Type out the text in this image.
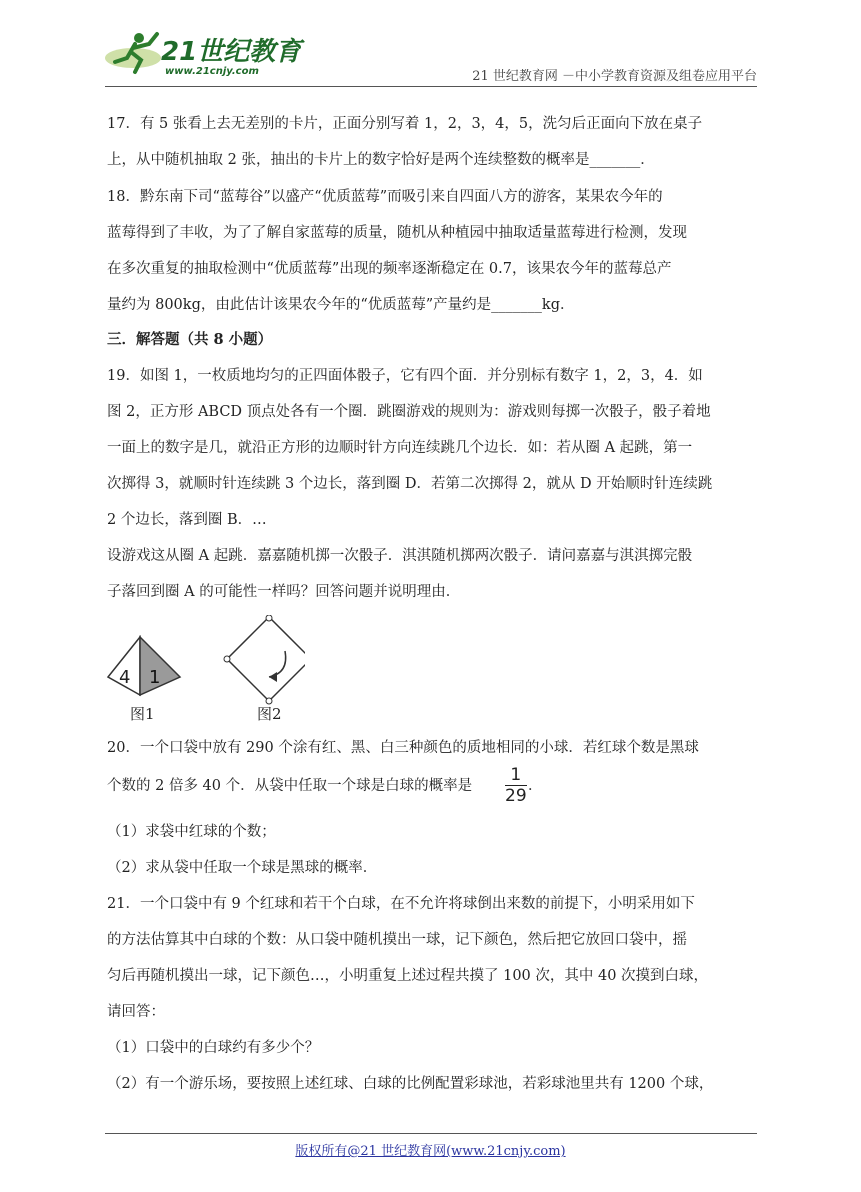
21世纪教育
www.21cnjy.com	21 世纪教育网 －中小学教育资源及组卷应用平台
17．有 5 张看上去无差别的卡片，正面分别写着 1，2，3，4，5，洗匀后正面向下放在桌子
上，从中随机抽取 2 张，抽出的卡片上的数字恰好是两个连续整数的概率是_______．
18．黔东南下司“蓝莓谷”以盛产“优质蓝莓”而吸引来自四面八方的游客，某果农今年的
蓝莓得到了丰收，为了了解自家蓝莓的质量，随机从种植园中抽取适量蓝莓进行检测，发现
在多次重复的抽取检测中“优质蓝莓”出现的频率逐渐稳定在 0.7，该果农今年的蓝莓总产
量约为 800kg，由此估计该果农今年的“优质蓝莓”产量约是_______kg．
三．解答题（共 8 小题）
19．如图 1，一枚质地均匀的正四面体骰子，它有四个面．并分别标有数字 1，2，3，4．如
图 2，正方形 ABCD 顶点处各有一个圈．跳圈游戏的规则为：游戏则每掷一次骰子，骰子着地
一面上的数字是几，就沿正方形的边顺时针方向连续跳几个边长．如：若从圈 A 起跳，第一
次掷得 3，就顺时针连续跳 3 个边长，落到圈 D．若第二次掷得 2，就从 D 开始顺时针连续跳
2 个边长，落到圈 B．…
设游戏这从圈 A 起跳．嘉嘉随机掷一次骰子．淇淇随机掷两次骰子．请问嘉嘉与淇淇掷完骰
子落回到圈 A 的可能性一样吗？回答问题并说明理由．
4 1
图1	图2
20．一个口袋中放有 290 个涂有红、黑、白三种颜色的质地相同的小球．若红球个数是黑球
个数的 2 倍多 40 个．从袋中任取一个球是白球的概率是
1
29 ．
（1）求袋中红球的个数；
（2）求从袋中任取一个球是黑球的概率．
21．一个口袋中有 9 个红球和若干个白球，在不允许将球倒出来数的前提下，小明采用如下
的方法估算其中白球的个数：从口袋中随机摸出一球，记下颜色，然后把它放回口袋中，摇
匀后再随机摸出一球，记下颜色…，小明重复上述过程共摸了 100 次，其中 40 次摸到白球，
请回答：
（1）口袋中的白球约有多少个？
（2）有一个游乐场，要按照上述红球、白球的比例配置彩球池，若彩球池里共有 1200 个球，
版权所有@21 世纪教育网(www.21cnjy.com)
